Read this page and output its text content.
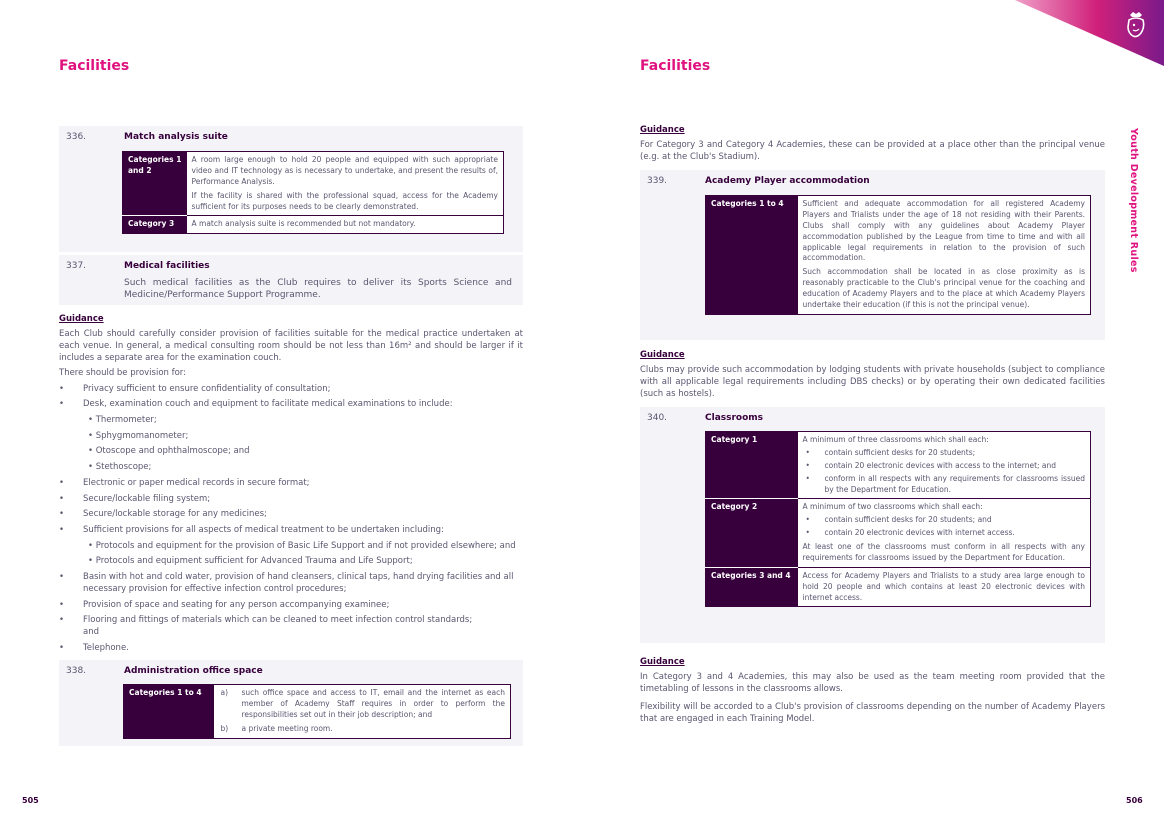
Facilities
336.	Match analysis suite
Categories 1 and 2	A room large enough to hold 20 people and equipped with such appropriate video and IT technology as is necessary to undertake, and present the results of, Performance Analysis.
If the facility is shared with the professional squad, access for the Academy sufficient for its purposes needs to be clearly demonstrated.

Category 3	A match analysis suite is recommended but not mandatory.
337.	Medical facilities
Such medical facilities as the Club requires to deliver its Sports Science and Medicine/Performance Support Programme.
Guidance
Each Club should carefully consider provision of facilities suitable for the medical practice undertaken at each venue. In general, a medical consulting room should be not less than 16m² and should be larger if it includes a separate area for the examination couch.
There should be provision for:
Privacy sufficient to ensure confidentiality of consultation;
Desk, examination couch and equipment to facilitate medical examinations to include:
• Thermometer;
• Sphygmomanometer;
• Otoscope and ophthalmoscope; and
• Stethoscope;
Electronic or paper medical records in secure format;
Secure/lockable filing system;
Secure/lockable storage for any medicines;
Sufficient provisions for all aspects of medical treatment to be undertaken including:
• Protocols and equipment for the provision of Basic Life Support and if not provided elsewhere; and
• Protocols and equipment sufficient for Advanced Trauma and Life Support;
Basin with hot and cold water, provision of hand cleansers, clinical taps, hand drying facilities and all
necessary provision for effective infection control procedures;
Provision of space and seating for any person accompanying examinee;
Flooring and fittings of materials which can be cleaned to meet infection control standards;
and
Telephone.
338.	Administration office space
Categories 1 to 4	a) such office space and access to IT, email and the internet as each member of Academy Staff requires in order to perform the responsibilities set out in their job description; and
b) a private meeting room.
505
Facilities
Guidance
For Category 3 and Category 4 Academies, these can be provided at a place other than the principal venue (e.g. at the Club's Stadium).
339.	Academy Player accommodation
Categories 1 to 4	Sufficient and adequate accommodation for all registered Academy Players and Trialists under the age of 18 not residing with their Parents. Clubs shall comply with any guidelines about Academy Player accommodation published by the League from time to time and with all applicable legal requirements in relation to the provision of such accommodation.
Such accommodation shall be located in as close proximity as is reasonably practicable to the Club's principal venue for the coaching and education of Academy Players and to the place at which Academy Players undertake their education (if this is not the principal venue).
Guidance
Clubs may provide such accommodation by lodging students with private households (subject to compliance with all applicable legal requirements including DBS checks) or by operating their own dedicated facilities (such as hostels).
340.	Classrooms
Category 1	A minimum of three classrooms which shall each:
• contain sufficient desks for 20 students;
• contain 20 electronic devices with access to the internet; and
• conform in all respects with any requirements for classrooms issued by the Department for Education.

Category 2	A minimum of two classrooms which shall each:
• contain sufficient desks for 20 students; and
• contain 20 electronic devices with internet access.
At least one of the classrooms must conform in all respects with any requirements for classrooms issued by the Department for Education.

Categories 3 and 4	Access for Academy Players and Trialists to a study area large enough to hold 20 people and which contains at least 20 electronic devices with internet access.
Guidance
In Category 3 and 4 Academies, this may also be used as the team meeting room provided that the timetabling of lessons in the classrooms allows.
Flexibility will be accorded to a Club's provision of classrooms depending on the number of Academy Players that are engaged in each Training Model.
506
Youth Development Rules
